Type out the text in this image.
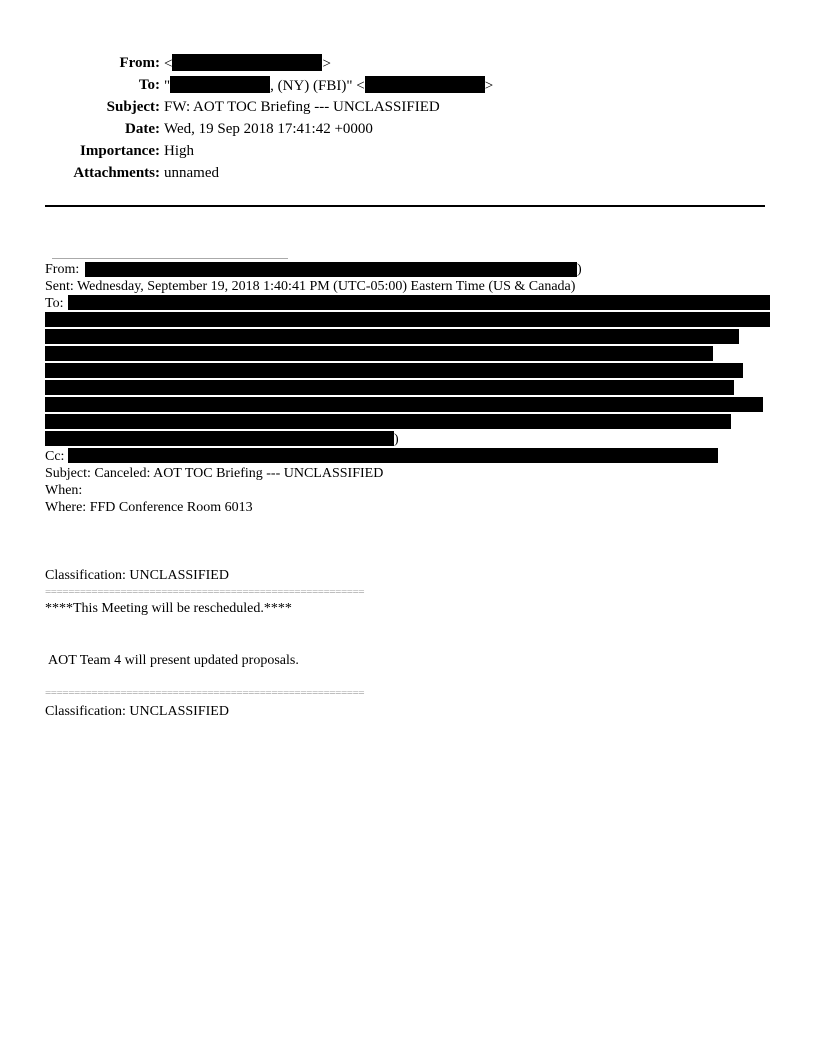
From: <	>
To: "	, (NY) (FBI)" <	>
Subject: FW: AOT TOC Briefing --- UNCLASSIFIED
Date: Wed, 19 Sep 2018 17:41:42 +0000
Importance: High
Attachments: unnamed
From:	)
Sent: Wednesday, September 19, 2018 1:40:41 PM (UTC-05:00) Eastern Time (US & Canada)
To:
)
Cc:
Subject: Canceled: AOT TOC Briefing --- UNCLASSIFIED
When:
Where: FFD Conference Room 6013
Classification: UNCLASSIFIED
=======================================================
****This Meeting will be rescheduled.****
AOT Team 4 will present updated proposals.
=======================================================
Classification: UNCLASSIFIED
